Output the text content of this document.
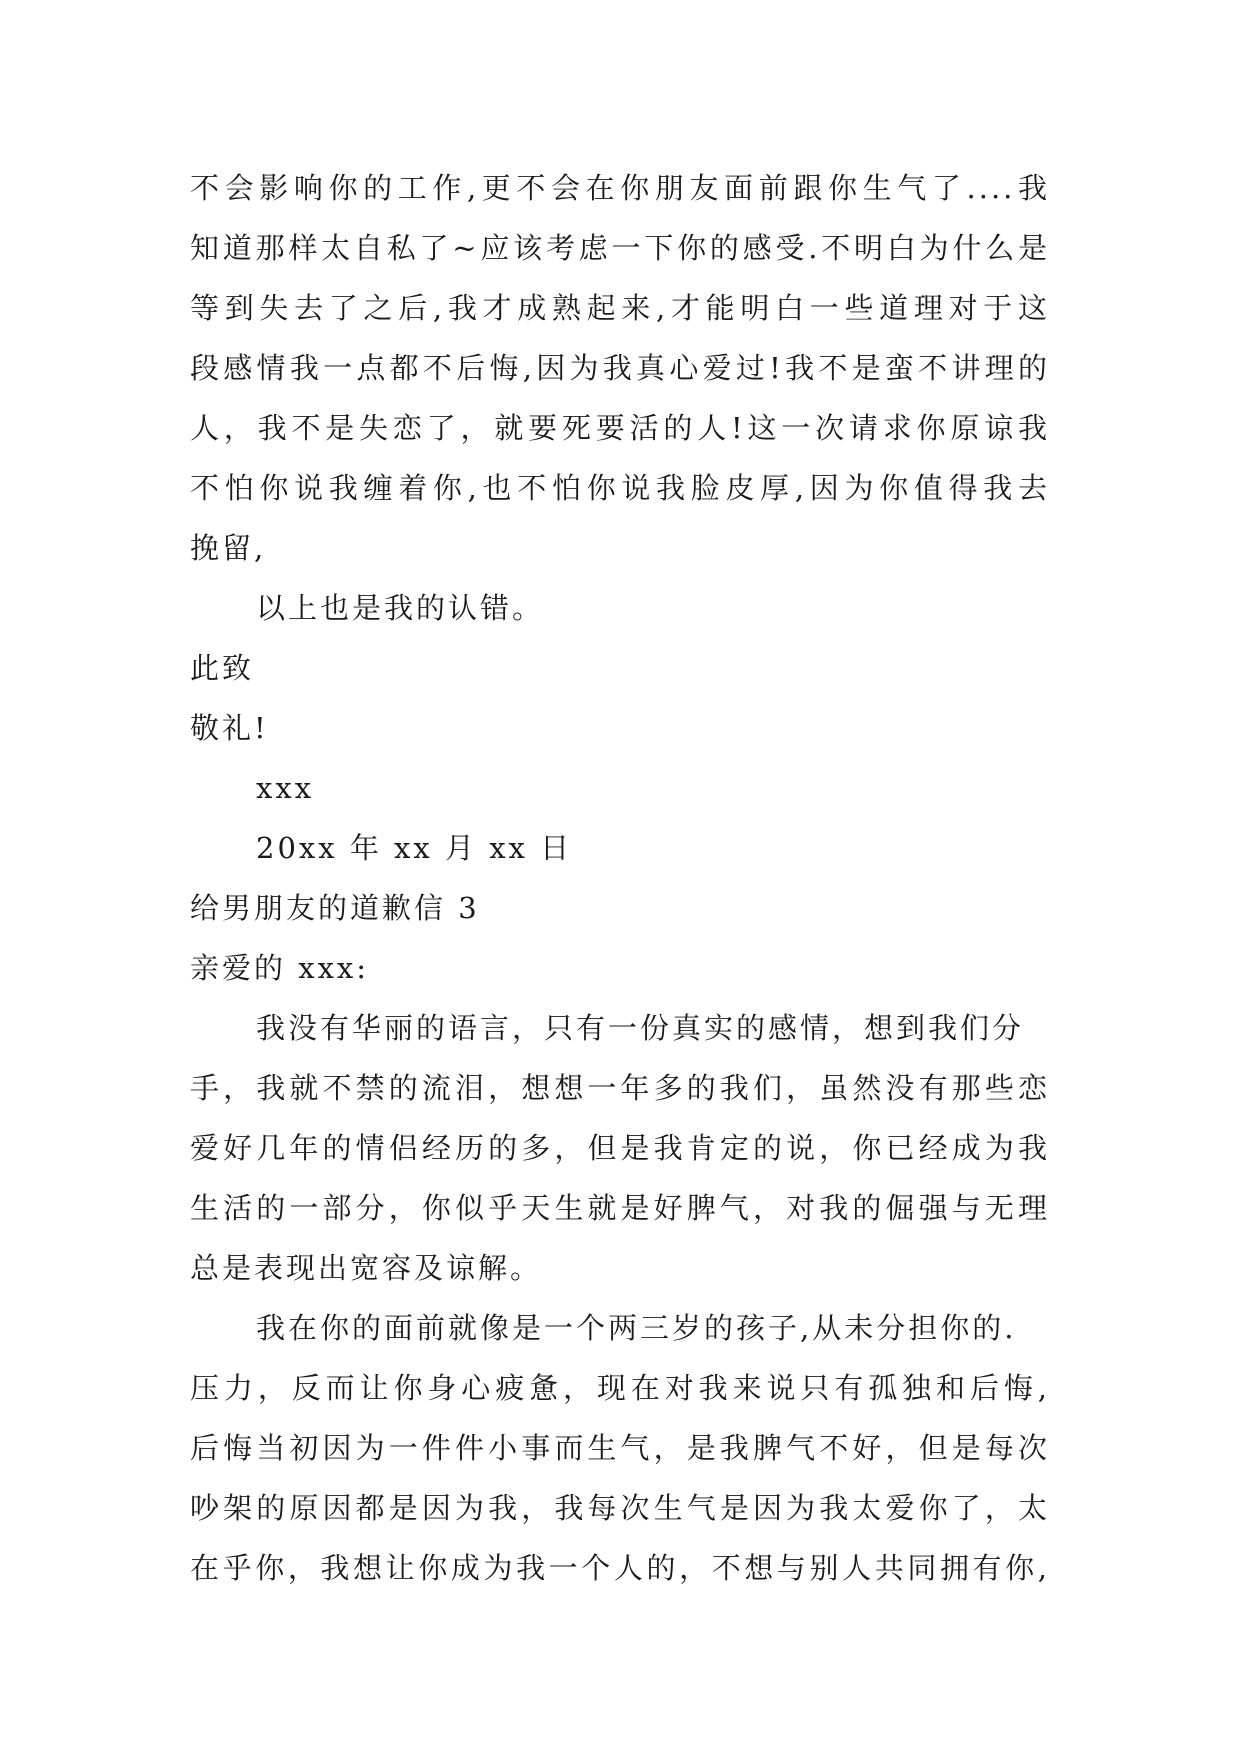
不会影响你的工作,更不会在你朋友面前跟你生气了....我
知道那样太自私了~应该考虑一下你的感受.不明白为什么是
等到失去了之后,我才成熟起来,才能明白一些道理对于这
段感情我一点都不后悔,因为我真心爱过!我不是蛮不讲理的
人，我不是失恋了，就要死要活的人!这一次请求你原谅我
不怕你说我缠着你,也不怕你说我脸皮厚,因为你值得我去
挽留,
以上也是我的认错。
此致
敬礼!
xxx
20xx 年 xx 月 xx 日
给男朋友的道歉信 3
亲爱的 xxx:
我没有华丽的语言，只有一份真实的感情，想到我们分
手，我就不禁的流泪，想想一年多的我们，虽然没有那些恋
爱好几年的情侣经历的多，但是我肯定的说，你已经成为我
生活的一部分，你似乎天生就是好脾气，对我的倔强与无理
总是表现出宽容及谅解。
我在你的面前就像是一个两三岁的孩子,从未分担你的.
压力，反而让你身心疲惫，现在对我来说只有孤独和后悔,
后悔当初因为一件件小事而生气，是我脾气不好，但是每次
吵架的原因都是因为我，我每次生气是因为我太爱你了，太
在乎你，我想让你成为我一个人的，不想与别人共同拥有你,
